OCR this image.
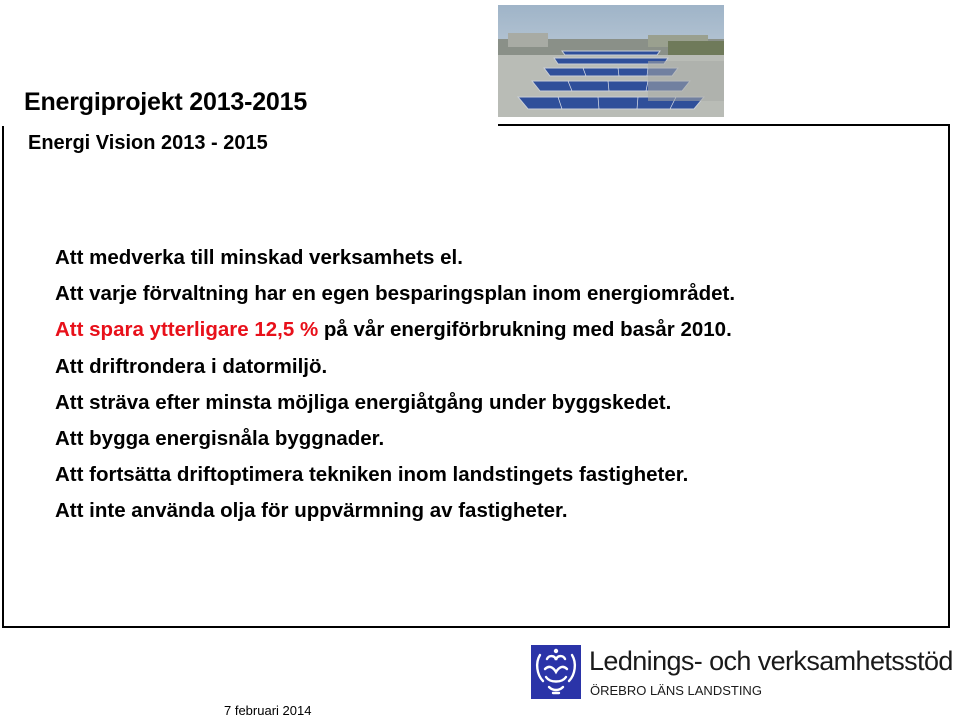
Energiprojekt 2013-2015
Energi Vision 2013 - 2015
Att medverka till minskad verksamhets el.
Att varje förvaltning har en egen besparingsplan inom energiområdet.
Att spara ytterligare 12,5 % på vår energiförbrukning med basår 2010.
Att driftrondera i datormiljö.
Att sträva efter minsta möjliga energiåtgång under byggskedet.
Att bygga energisnåla byggnader.
Att fortsätta driftoptimera tekniken inom landstingets fastigheter.
Att inte använda olja för uppvärmning av fastigheter.
Lednings- och verksamhetsstöd
ÖREBRO LÄNS LANDSTING
7 februari 2014
